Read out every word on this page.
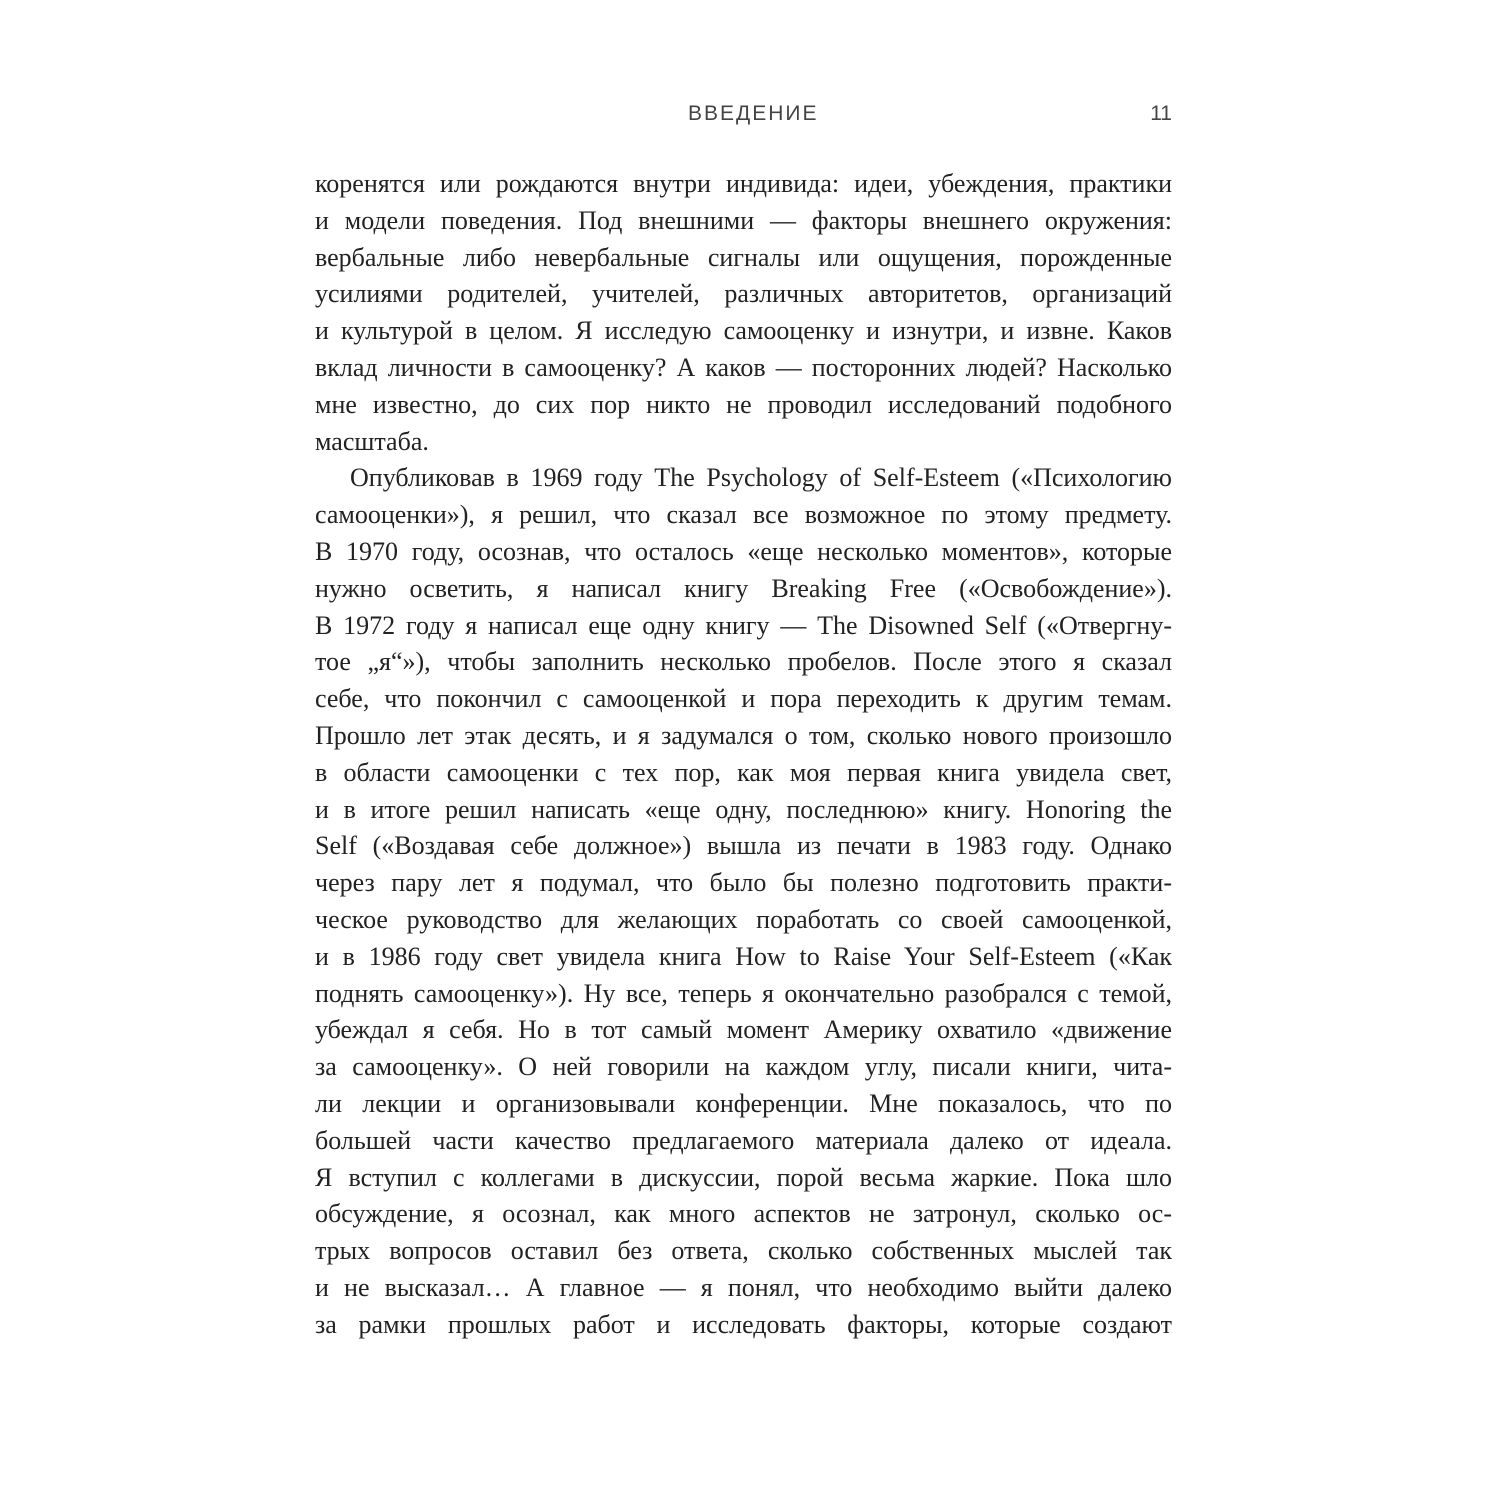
ВВЕДЕНИЕ	11
коренятся или рождаются внутри индивида: идеи, убеждения, практики
и модели поведения. Под внешними — факторы внешнего окружения:
вербальные либо невербальные сигналы или ощущения, порожденные
усилиями родителей, учителей, различных авторитетов, организаций
и культурой в целом. Я исследую самооценку и изнутри, и извне. Каков
вклад личности в самооценку? А каков — посторонних людей? Насколько
мне известно, до сих пор никто не проводил исследований подобного
масштаба.
Опубликовав в 1969 году The Psychology of Self-Esteem («Психологию
самооценки»), я решил, что сказал все возможное по этому предмету.
В 1970 году, осознав, что осталось «еще несколько моментов», которые
нужно осветить, я написал книгу Breaking Free («Освобождение»).
В 1972 году я написал еще одну книгу — The Disowned Self («Отвергну-
тое „я“»), чтобы заполнить несколько пробелов. После этого я сказал
себе, что покончил с самооценкой и пора переходить к другим темам.
Прошло лет этак десять, и я задумался о том, сколько нового произошло
в области самооценки с тех пор, как моя первая книга увидела свет,
и в итоге решил написать «еще одну, последнюю» книгу. Honoring the
Self («Воздавая себе должное») вышла из печати в 1983 году. Однако
через пару лет я подумал, что было бы полезно подготовить практи-
ческое руководство для желающих поработать со своей самооценкой,
и в 1986 году свет увидела книга How to Raise Your Self-Esteem («Как
поднять самооценку»). Ну все, теперь я окончательно разобрался с темой,
убеждал я себя. Но в тот самый момент Америку охватило «движение
за самооценку». О ней говорили на каждом углу, писали книги, чита-
ли лекции и организовывали конференции. Мне показалось, что по
большей части качество предлагаемого материала далеко от идеала.
Я вступил с коллегами в дискуссии, порой весьма жаркие. Пока шло
обсуждение, я осознал, как много аспектов не затронул, сколько ос-
трых вопросов оставил без ответа, сколько собственных мыслей так
и не высказал… А главное — я понял, что необходимо выйти далеко
за рамки прошлых работ и исследовать факторы, которые создают
